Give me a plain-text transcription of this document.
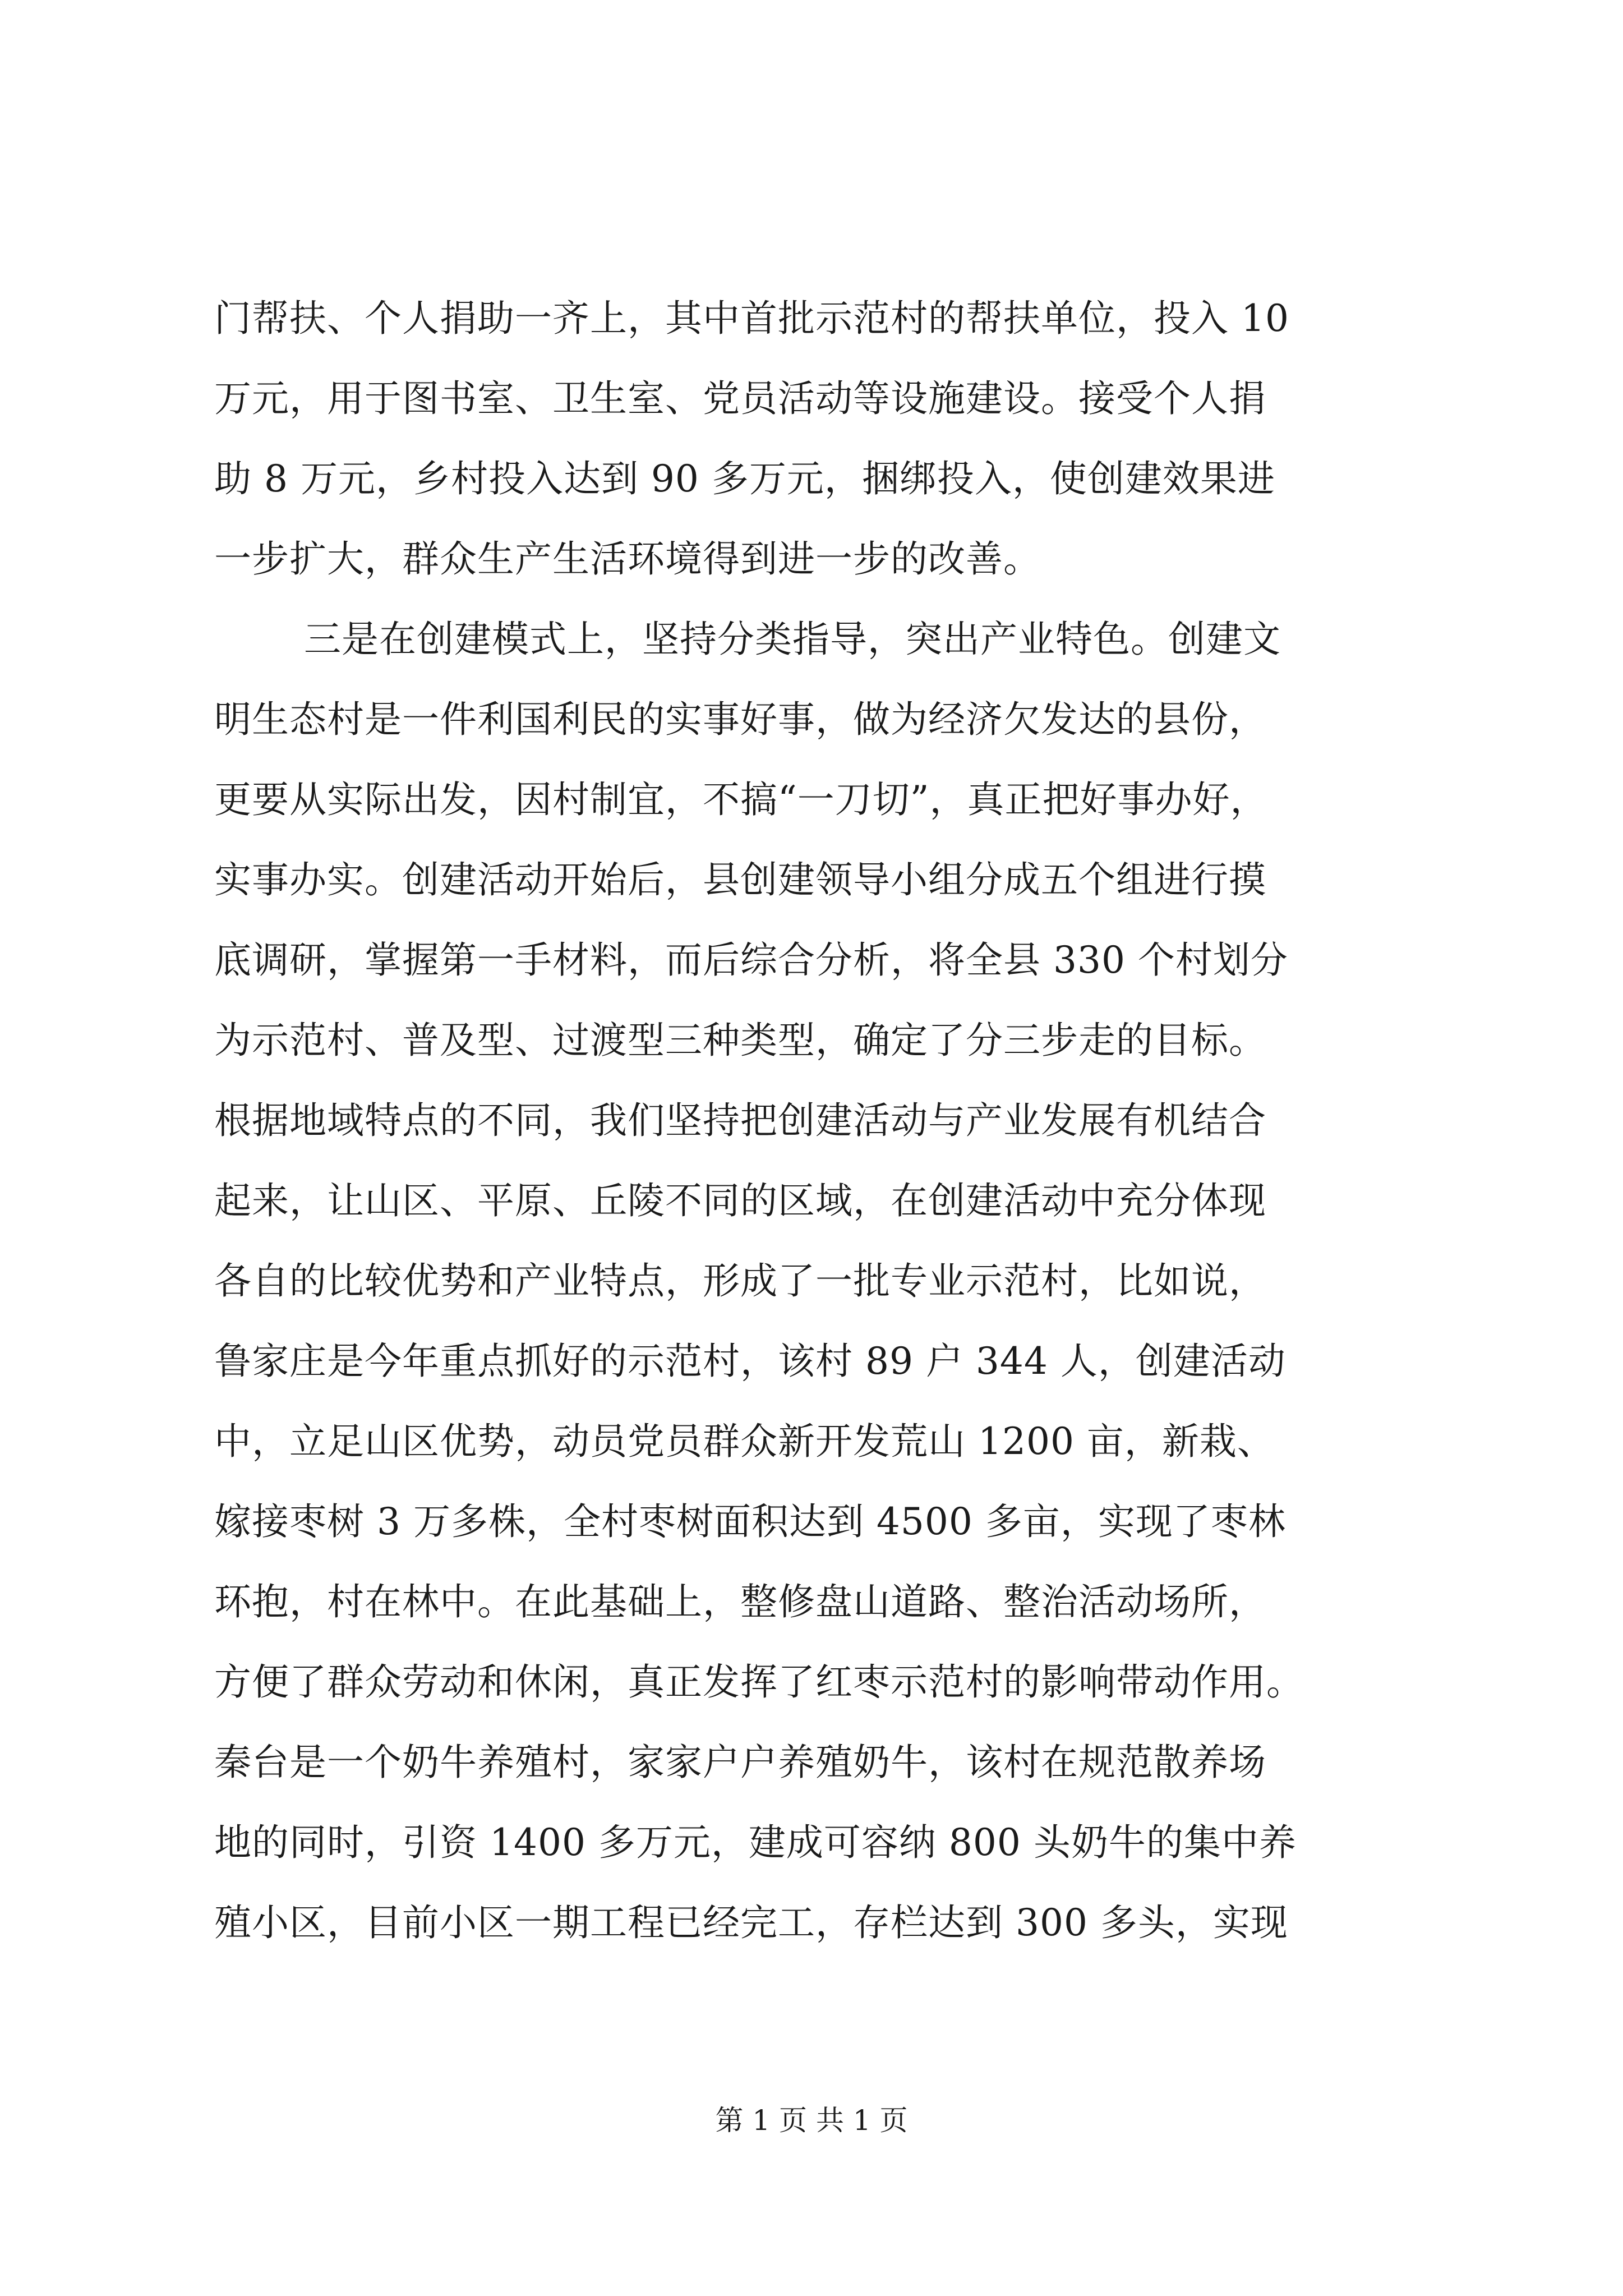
门帮扶、个人捐助一齐上，其中首批示范村的帮扶单位，投入 10
万元，用于图书室、卫生室、党员活动等设施建设。接受个人捐
助 8 万元，乡村投入达到 90 多万元，捆绑投入，使创建效果进
一步扩大，群众生产生活环境得到进一步的改善。
三是在创建模式上，坚持分类指导，突出产业特色。创建文
明生态村是一件利国利民的实事好事，做为经济欠发达的县份，
更要从实际出发，因村制宜，不搞“一刀切”，真正把好事办好，
实事办实。创建活动开始后，县创建领导小组分成五个组进行摸
底调研，掌握第一手材料，而后综合分析，将全县 330 个村划分
为示范村、普及型、过渡型三种类型，确定了分三步走的目标。
根据地域特点的不同，我们坚持把创建活动与产业发展有机结合
起来，让山区、平原、丘陵不同的区域，在创建活动中充分体现
各自的比较优势和产业特点，形成了一批专业示范村，比如说，
鲁家庄是今年重点抓好的示范村，该村 89 户 344 人，创建活动
中，立足山区优势，动员党员群众新开发荒山 1200 亩，新栽、
嫁接枣树 3 万多株，全村枣树面积达到 4500 多亩，实现了枣林
环抱，村在林中。在此基础上，整修盘山道路、整治活动场所，
方便了群众劳动和休闲，真正发挥了红枣示范村的影响带动作用。
秦台是一个奶牛养殖村，家家户户养殖奶牛，该村在规范散养场
地的同时，引资 1400 多万元，建成可容纳 800 头奶牛的集中养
殖小区，目前小区一期工程已经完工，存栏达到 300 多头，实现
第 1 页 共 1 页
